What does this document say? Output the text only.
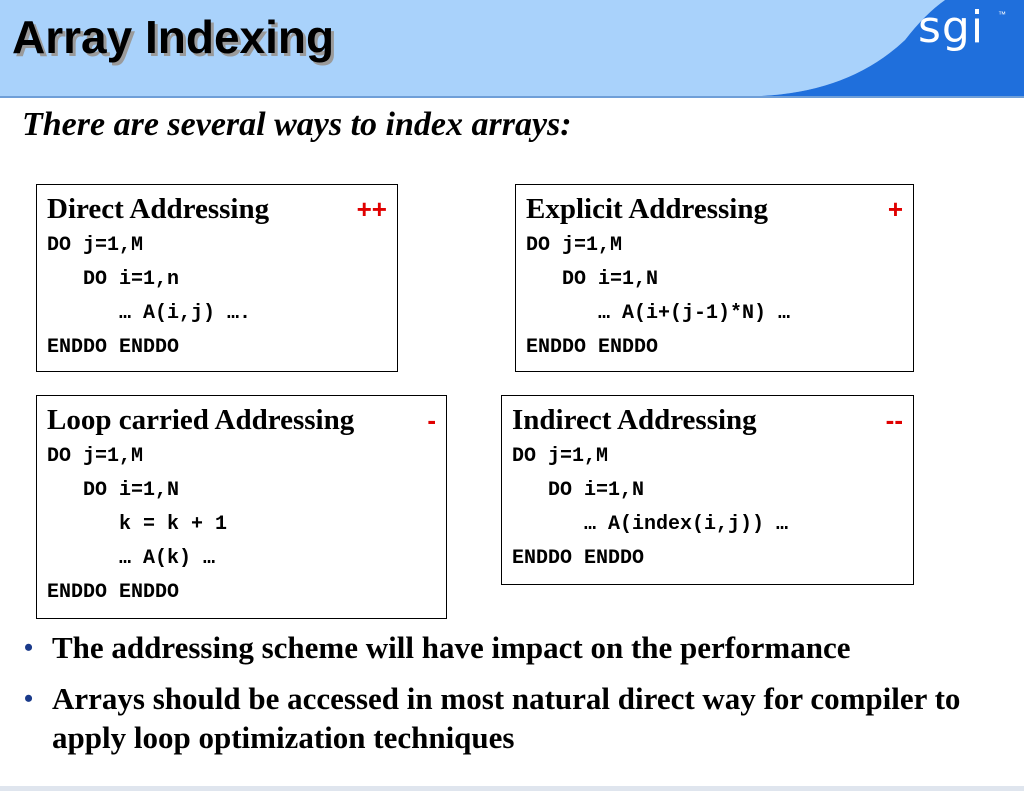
Array Indexing	sgi ™

There are several ways to index arrays:

Direct Addressing	++
DO j=1,M
DO i=1,n
… A(i,j) ….
ENDDO ENDDO
Explicit Addressing	+
DO j=1,M
DO i=1,N
… A(i+(j-1)*N) …
ENDDO ENDDO
Loop carried Addressing	-
DO j=1,M
DO i=1,N
k = k + 1
… A(k) …
ENDDO ENDDO
Indirect Addressing	--
DO j=1,M
DO i=1,N
… A(index(i,j)) …
ENDDO ENDDO
• The addressing scheme will have impact on the performance
• Arrays should be accessed in most natural direct way for compiler to apply loop optimization techniques
